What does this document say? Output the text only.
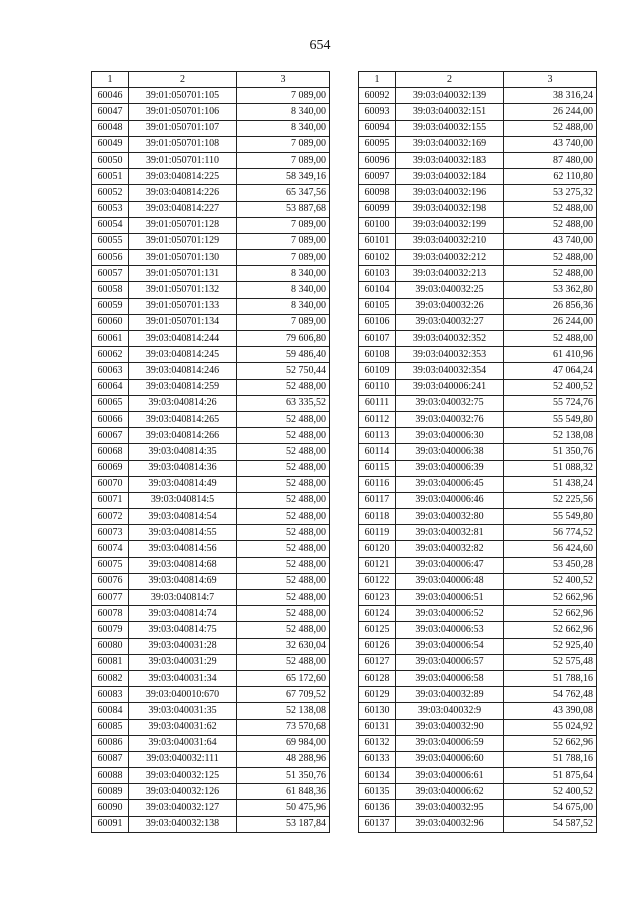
654
1	2	3
60046	39:01:050701:105	7 089,00
60047	39:01:050701:106	8 340,00
60048	39:01:050701:107	8 340,00
60049	39:01:050701:108	7 089,00
60050	39:01:050701:110	7 089,00
60051	39:03:040814:225	58 349,16
60052	39:03:040814:226	65 347,56
60053	39:03:040814:227	53 887,68
60054	39:01:050701:128	7 089,00
60055	39:01:050701:129	7 089,00
60056	39:01:050701:130	7 089,00
60057	39:01:050701:131	8 340,00
60058	39:01:050701:132	8 340,00
60059	39:01:050701:133	8 340,00
60060	39:01:050701:134	7 089,00
60061	39:03:040814:244	79 606,80
60062	39:03:040814:245	59 486,40
60063	39:03:040814:246	52 750,44
60064	39:03:040814:259	52 488,00
60065	39:03:040814:26	63 335,52
60066	39:03:040814:265	52 488,00
60067	39:03:040814:266	52 488,00
60068	39:03:040814:35	52 488,00
60069	39:03:040814:36	52 488,00
60070	39:03:040814:49	52 488,00
60071	39:03:040814:5	52 488,00
60072	39:03:040814:54	52 488,00
60073	39:03:040814:55	52 488,00
60074	39:03:040814:56	52 488,00
60075	39:03:040814:68	52 488,00
60076	39:03:040814:69	52 488,00
60077	39:03:040814:7	52 488,00
60078	39:03:040814:74	52 488,00
60079	39:03:040814:75	52 488,00
60080	39:03:040031:28	32 630,04
60081	39:03:040031:29	52 488,00
60082	39:03:040031:34	65 172,60
60083	39:03:040010:670	67 709,52
60084	39:03:040031:35	52 138,08
60085	39:03:040031:62	73 570,68
60086	39:03:040031:64	69 984,00
60087	39:03:040032:111	48 288,96
60088	39:03:040032:125	51 350,76
60089	39:03:040032:126	61 848,36
60090	39:03:040032:127	50 475,96
60091	39:03:040032:138	53 187,84
1	2	3
60092	39:03:040032:139	38 316,24
60093	39:03:040032:151	26 244,00
60094	39:03:040032:155	52 488,00
60095	39:03:040032:169	43 740,00
60096	39:03:040032:183	87 480,00
60097	39:03:040032:184	62 110,80
60098	39:03:040032:196	53 275,32
60099	39:03:040032:198	52 488,00
60100	39:03:040032:199	52 488,00
60101	39:03:040032:210	43 740,00
60102	39:03:040032:212	52 488,00
60103	39:03:040032:213	52 488,00
60104	39:03:040032:25	53 362,80
60105	39:03:040032:26	26 856,36
60106	39:03:040032:27	26 244,00
60107	39:03:040032:352	52 488,00
60108	39:03:040032:353	61 410,96
60109	39:03:040032:354	47 064,24
60110	39:03:040006:241	52 400,52
60111	39:03:040032:75	55 724,76
60112	39:03:040032:76	55 549,80
60113	39:03:040006:30	52 138,08
60114	39:03:040006:38	51 350,76
60115	39:03:040006:39	51 088,32
60116	39:03:040006:45	51 438,24
60117	39:03:040006:46	52 225,56
60118	39:03:040032:80	55 549,80
60119	39:03:040032:81	56 774,52
60120	39:03:040032:82	56 424,60
60121	39:03:040006:47	53 450,28
60122	39:03:040006:48	52 400,52
60123	39:03:040006:51	52 662,96
60124	39:03:040006:52	52 662,96
60125	39:03:040006:53	52 662,96
60126	39:03:040006:54	52 925,40
60127	39:03:040006:57	52 575,48
60128	39:03:040006:58	51 788,16
60129	39:03:040032:89	54 762,48
60130	39:03:040032:9	43 390,08
60131	39:03:040032:90	55 024,92
60132	39:03:040006:59	52 662,96
60133	39:03:040006:60	51 788,16
60134	39:03:040006:61	51 875,64
60135	39:03:040006:62	52 400,52
60136	39:03:040032:95	54 675,00
60137	39:03:040032:96	54 587,52
